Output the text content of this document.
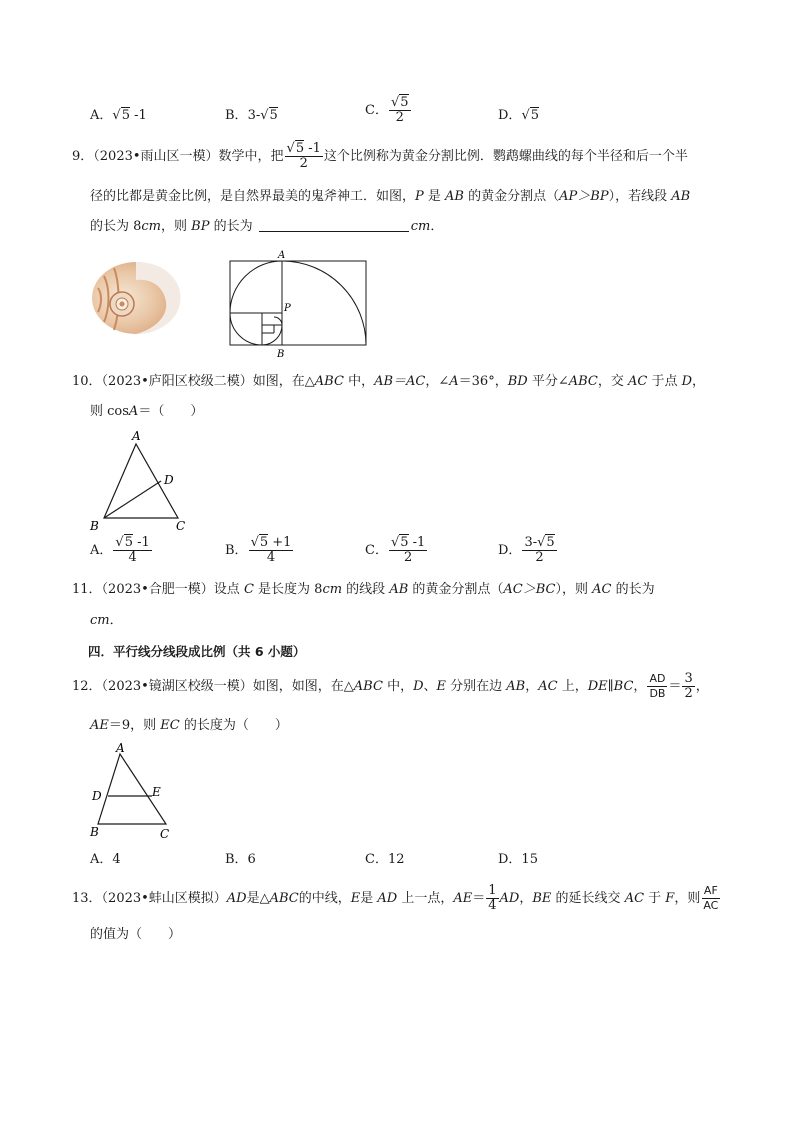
A．√5 -1	B．3-√5	C． $\frac{√5}{2}$	D．√5
9．（2023•雨山区一模）数学中，把 $\frac{√5 -1}{2}$ 这个比例称为黄金分割比例．鹦鹉螺曲线的每个半径和后一个半
径的比都是黄金比例，是自然界最美的鬼斧神工．如图，P 是 AB 的黄金分割点（AP＞BP），若线段 AB
的长为 8cm，则 BP 的长为	cm．
A
P
B
10．（2023•庐阳区校级二模）如图，在△ABC 中，AB＝AC，∠A＝36°，BD 平分∠ABC，交 AC 于点 D，
则 cosA＝（　　）
A
B	C
D
A． $\frac{√5 -1}{4}$	B． $\frac{√5 +1}{4}$	C． $\frac{√5 -1}{2}$	D． $\frac{3-√5}{2}$
11．（2023•合肥一模）设点 C 是长度为 8cm 的线段 AB 的黄金分割点（AC＞BC），则 AC 的长为
cm．
四．平行线分线段成比例（共 6 小题）
12．（2023•镜湖区校级一模）如图，如图，在△ABC 中，D、E 分别在边 AB，AC 上，DE∥BC， $\frac{AD}{DB} = \frac{3}{2}$ ，
AE＝9，则 EC 的长度为（　　）
A
D	E
B	C
A．4	B．6	C．12	D．15
13．（2023•蚌山区模拟）AD是△ABC的中线，E是 AD 上一点，$AE= \frac{1}{4}$ AD，BE 的延长线交 AC 于 F，则 $\frac{AF}{AC}$
的值为（　　）
